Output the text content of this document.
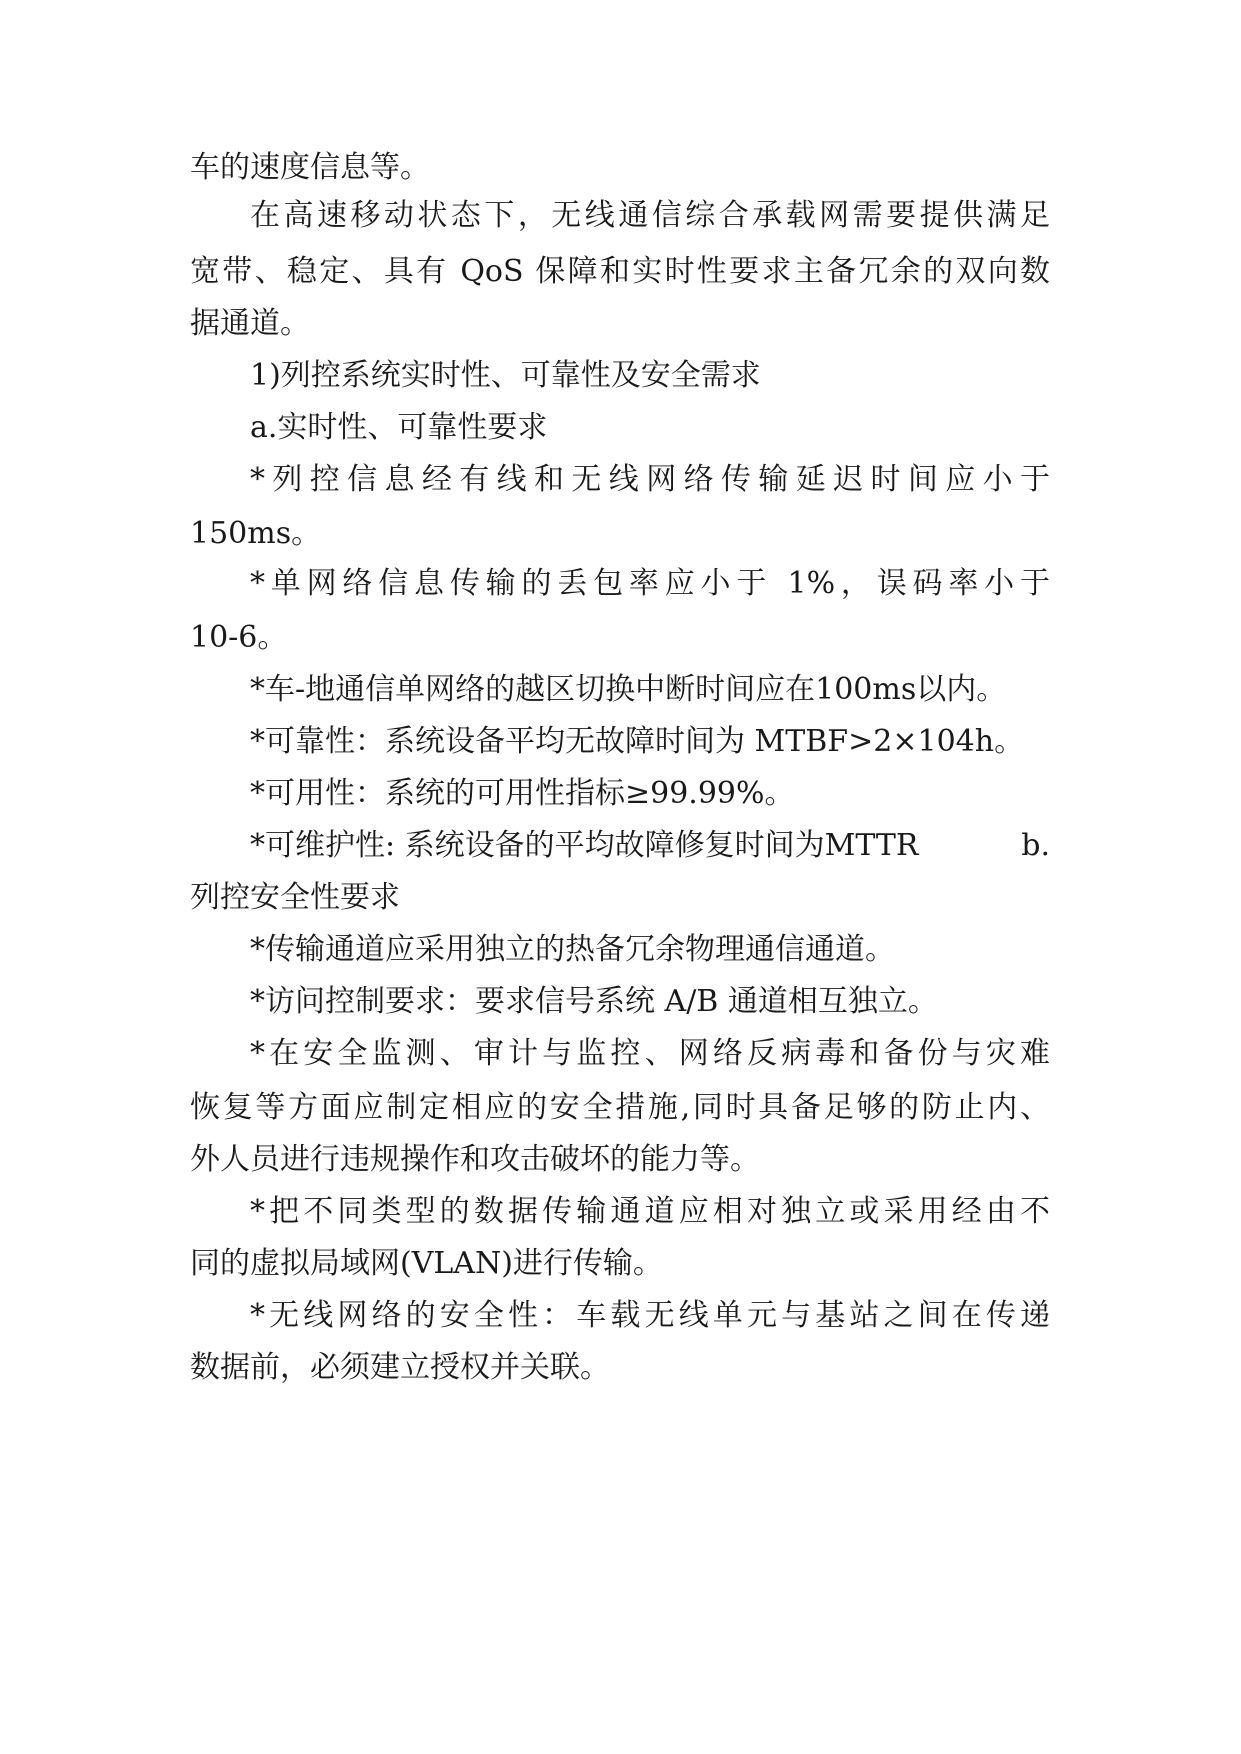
车的速度信息等。
在高速移动状态下，无线通信综合承载网需要提供满足
宽带、稳定、具有 QoS 保障和实时性要求主备冗余的双向数
据通道。
1)列控系统实时性、可靠性及安全需求
a.实时性、可靠性要求
*列控信息经有线和无线网络传输延迟时间应小于
150ms。
*单网络信息传输的丢包率应小于 1%，误码率小于
10-6。
*车-地通信单网络的越区切换中断时间应在100ms以内。
*可靠性：系统设备平均无故障时间为 MTBF>2×104h。
*可用性：系统的可用性指标≥99.99%。
*可维护性: 系统设备的平均故障修复时间为MTTR	b.
列控安全性要求
*传输通道应采用独立的热备冗余物理通信通道。
*访问控制要求：要求信号系统 A/B 通道相互独立。
*在安全监测、审计与监控、网络反病毒和备份与灾难
恢复等方面应制定相应的安全措施,同时具备足够的防止内、
外人员进行违规操作和攻击破坏的能力等。
*把不同类型的数据传输通道应相对独立或采用经由不
同的虚拟局域网(VLAN)进行传输。
*无线网络的安全性：车载无线单元与基站之间在传递
数据前，必须建立授权并关联。
